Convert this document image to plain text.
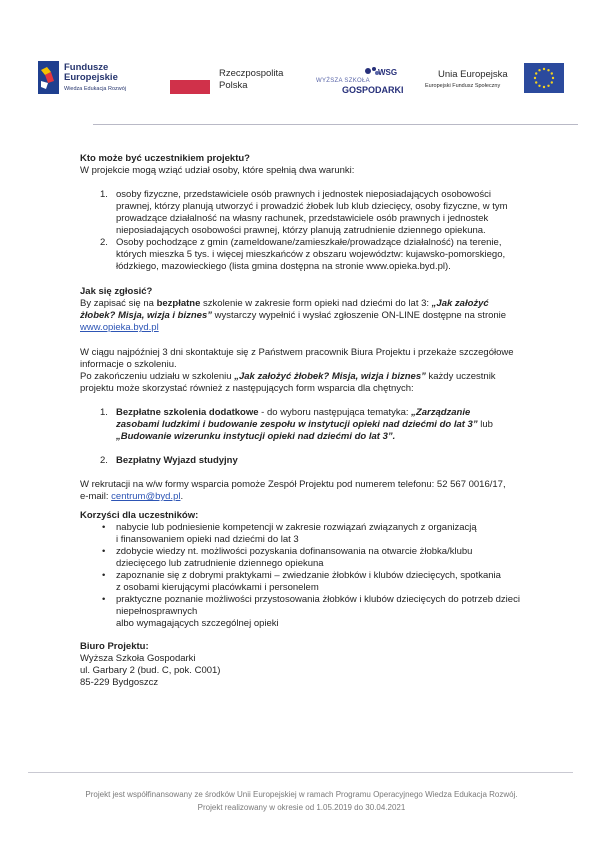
Fundusze
Europejskie
Wiedza Edukacja Rozwój
Rzeczpospolita
Polska
WSG
WYŻSZA SZKOŁA
GOSPODARKI
Unia Europejska
Europejski Fundusz Społeczny
Kto może być uczestnikiem projektu?
W projekcie mogą wziąć udział osoby, które spełnią dwa warunki:
1. osoby fizyczne, przedstawiciele osób prawnych i jednostek nieposiadających osobowości
prawnej, którzy planują utworzyć i prowadzić żłobek lub klub dziecięcy, osoby fizyczne, w tym
prowadzące działalność na własny rachunek, przedstawiciele osób prawnych i jednostek
nieposiadających osobowości prawnej, którzy planują zatrudnienie dziennego opiekuna.
2. Osoby pochodzące z gmin (zameldowane/zamieszkałe/prowadzące działalność) na terenie,
których mieszka 5 tys. i więcej mieszkańców z obszaru województw: kujawsko-pomorskiego,
łódzkiego, mazowieckiego (lista gmina dostępna na stronie www.opieka.byd.pl).
Jak się zgłosić?
By zapisać się na bezpłatne szkolenie w zakresie form opieki nad dziećmi do lat 3: „Jak założyć
żłobek? Misja, wizja i biznes” wystarczy wypełnić i wysłać zgłoszenie ON-LINE dostępne na stronie
www.opieka.byd.pl
W ciągu najpóźniej 3 dni skontaktuje się z Państwem pracownik Biura Projektu i przekaże szczegółowe
informacje o szkoleniu.
Po zakończeniu udziału w szkoleniu „Jak założyć żłobek? Misja, wizja i biznes” każdy uczestnik
projektu może skorzystać również z następujących form wsparcia dla chętnych:
1. Bezpłatne szkolenia dodatkowe - do wyboru następująca tematyka: „Zarządzanie
zasobami ludzkimi i budowanie zespołu w instytucji opieki nad dziećmi do lat 3” lub
„Budowanie wizerunku instytucji opieki nad dziećmi do lat 3”.
2. Bezpłatny Wyjazd studyjny
W rekrutacji na w/w formy wsparcia pomoże Zespół Projektu pod numerem telefonu: 52 567 0016/17,
e-mail: centrum@byd.pl.
Korzyści dla uczestników:
• nabycie lub podniesienie kompetencji w zakresie rozwiązań związanych z organizacją
i finansowaniem opieki nad dziećmi do lat 3
• zdobycie wiedzy nt. możliwości pozyskania dofinansowania na otwarcie żłobka/klubu
dziecięcego lub zatrudnienie dziennego opiekuna
• zapoznanie się z dobrymi praktykami – zwiedzanie żłobków i klubów dziecięcych, spotkania
z osobami kierującymi placówkami i personelem
• praktyczne poznanie możliwości przystosowania żłobków i klubów dziecięcych do potrzeb dzieci
niepełnosprawnych
albo wymagających szczególnej opieki
Biuro Projektu:
Wyższa Szkoła Gospodarki
ul. Garbary 2 (bud. C, pok. C001)
85-229 Bydgoszcz
Projekt jest współfinansowany ze środków Unii Europejskiej w ramach Programu Operacyjnego Wiedza Edukacja Rozwój.
Projekt realizowany w okresie od 1.05.2019 do 30.04.2021
